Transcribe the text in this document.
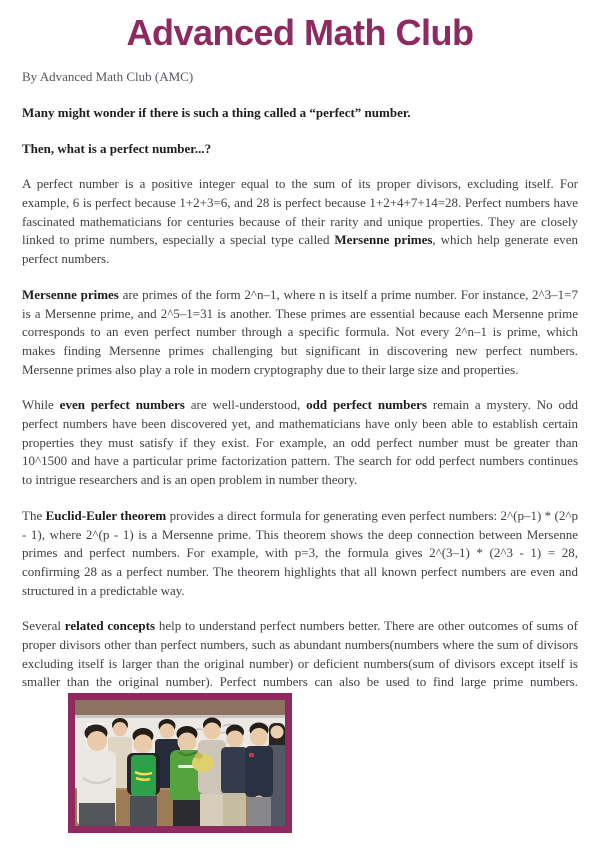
Advanced Math Club

By Advanced Math Club (AMC)

Many might wonder if there is such a thing called a “perfect” number.

Then, what is a perfect number...?

A perfect number is a positive integer equal to the sum of its proper divisors, excluding itself. For example, 6 is perfect because 1+2+3=6, and 28 is perfect because 1+2+4+7+14=28. Perfect numbers have fascinated mathematicians for centuries because of their rarity and unique properties. They are closely linked to prime numbers, especially a special type called Mersenne primes, which help generate even perfect numbers.

Mersenne primes are primes of the form 2^n–1, where n is itself a prime number. For instance, 2^3–1=7 is a Mersenne prime, and 2^5–1=31 is another. These primes are essential because each Mersenne prime corresponds to an even perfect number through a specific formula. Not every 2^n–1 is prime, which makes finding Mersenne primes challenging but significant in discovering new perfect numbers. Mersenne primes also play a role in modern cryptography due to their large size and properties.

While even perfect numbers are well-understood, odd perfect numbers remain a mystery. No odd perfect numbers have been discovered yet, and mathematicians have only been able to establish certain properties they must satisfy if they exist. For example, an odd perfect number must be greater than 10^1500 and have a particular prime factorization pattern. The search for odd perfect numbers continues to intrigue researchers and is an open problem in number theory.

The Euclid-Euler theorem provides a direct formula for generating even perfect numbers: 2^(p–1) * (2^p - 1), where 2^(p - 1) is a Mersenne prime. This theorem shows the deep connection between Mersenne primes and perfect numbers. For example, with p=3, the formula gives 2^(3–1) * (2^3 - 1) = 28, confirming 28 as a perfect number. The theorem highlights that all known perfect numbers are even and structured in a predictable way.

Several related concepts help to understand perfect numbers better. There are other outcomes of sums of proper divisors other than perfect numbers, such as abundant numbers(numbers where the sum of divisors excluding itself is larger than the original number) or deficient numbers(sum of divisors except itself is smaller than the original number). Perfect numbers can also be used to find large prime numbers.
